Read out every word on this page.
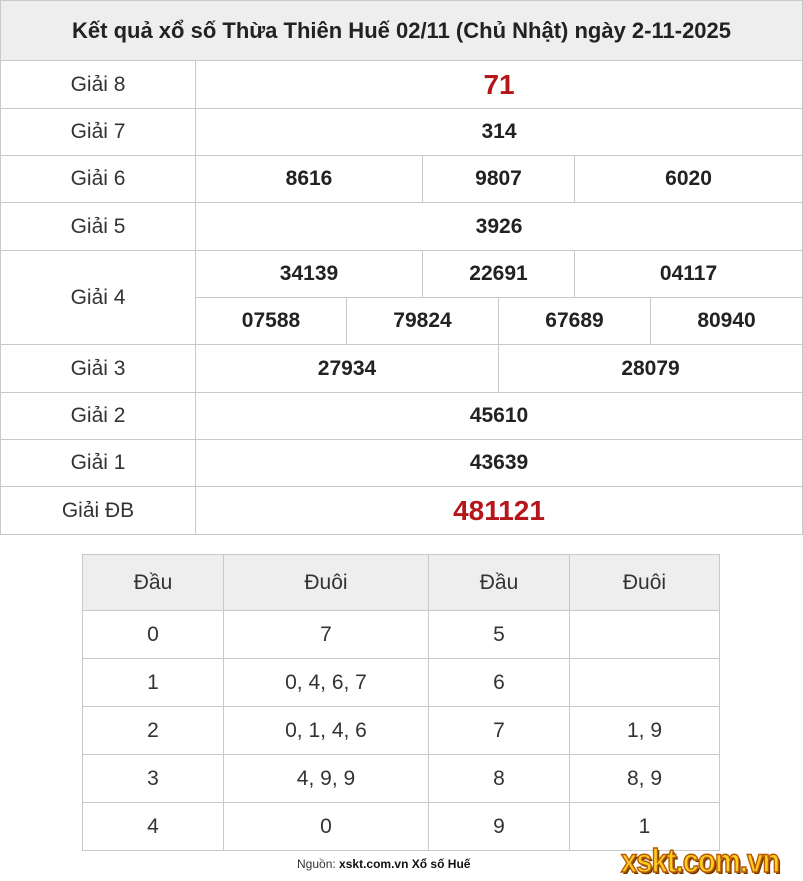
Kết quả xổ số Thừa Thiên Huế 02/11 (Chủ Nhật) ngày 2-11-2025						
Giải 8	71					
Giải 7	314					
Giải 6	8616		9807		6020	
Giải 5	3926					
Giải 4	34139		22691		04117	
	07588	79824		67689		80940
Giải 3	27934			28079		
Giải 2	45610					
Giải 1	43639					
Giải ĐB	481121					
Đầu	Đuôi	Đầu	Đuôi
0	7	5	
1	0, 4, 6, 7	6	
2	0, 1, 4, 6	7	1, 9
3	4, 9, 9	8	8, 9
4	0	9	1
Nguồn: xskt.com.vn Xổ số Huế	xskt.com.vn
